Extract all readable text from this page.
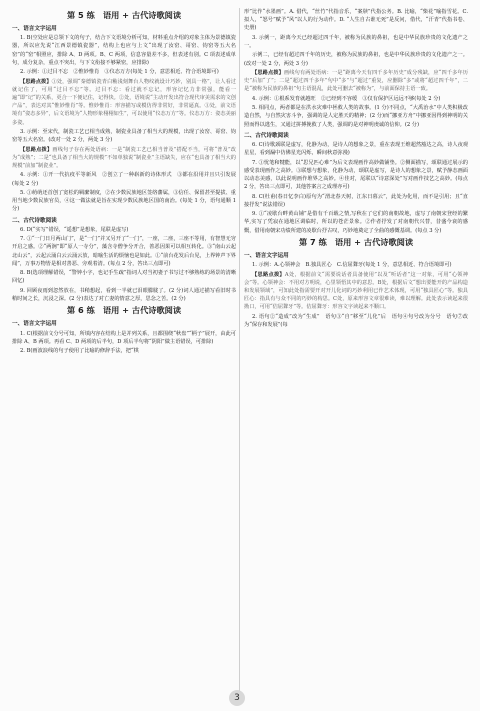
第 5 练　语用 + 古代诗歌阅读
一、语言文字运用

1. B(空处应是总领下文的句子，结合下文语境分析可知，材料重点介绍的对象主体为景德镇瓷器，所以应先说“江西景德镇瓷器”，结构上也应与上文“出现了汝窑、哥窑、钧窑等五大名窑”的“窑”相照应，排除 A、D 两项。B、C 两项，信息容量差不多，但表述有别。C 项表述成单句，成分复杂，重点不突出，与下文衔接不够紧密，应排除)

2. 示例：①过目不忘　②惟妙惟肖　③仪态万方(每处 1 分，意思相近、符合语境即可)

【思路点拨】①处，强调“秦德镇瓷青白釉浅刻舞台人物纹就设计巧妙，别具一格”，让人看过就记住了，可用“过目不忘”等。过目不忘：看过就不忘记，形容记忆力非常强，能看一遍“即”记“的关系，更合一下便记住，记得快。②处，语境说“主动开发出符合现代审美需求的文创产品”，表达对其“惟妙惟肖”等。惟妙惟肖：形容描写或模仿得非常好，非常逼真。③处，前文语境有“姿态多异”，后文语境为“人物形象栩栩如生”，可以使用“仪态万方”等。仪态万方：姿态美丽多姿。

3. 示例：至宋代，制瓷工艺已相当成熟，制瓷业具备了相当大的规模，出现了汝窑、哥窑、钧窑等五大名窑。(改对一处 2 分，两处 3 分)

【思路点拨】画线句子存在两处语病：一是“制瓷工艺已相当普及”搭配不当，可将“普及”改为“成熟”；二是“也具备了相当大的规模”不如单独说“制瓷业”主语缺失，应在“也具备了相当大的规模”前加“制瓷业”。

4. 示例：①开一代抗疫平等新风　②创立了一种崭新的诗体形式　③都在沿用并且只引发展(每处 2 分)

5. ①萌萌还首创了宽松的羁縻制度，②在少数民族地区签络藩属，③信任、保留甚至提拔、重用当地少数民族官员，④这一做法就是旨在实现少数民族地区国的南治。(每处 1 分，语句通顺 1 分)

二、古代诗歌阅读

6. D(“实写”错误，“遥想”是想象，尾联是虚写)

7. ①“一门日月两山门”，是“一门”并又另开了“一门”，一座，二座，三座不等用，有智慧无穷开启之感。②“两涧”即“原人一寺分”，藻含寺僧争分开合，善恶因果可以相互转化。③“南山云起北山云”，云起云涌白云云涌云放，暗喻生活的烦恼也是如此。①“前台花发后台见，上界钟声下界闻”，万事万物皆是相对善恶、旁观着清。(每点 2 分，答出三点即可)

8. B(选项理解错误，“警钟小字，也记手生疏”指词人对当初妻子书写过不够熟练的场景的清晰回忆)

9. 回顾夜雨到忽然放在，书稍想起，看到一半就已泪眼朦胧了。(2 分)词人通过描写看旧时书稍时间之长，沉浸之深。(2 分)表达了对亡妻的情意之厚，思念之苦。(2 分)

第 6 练　语用 + 古代诗歌阅读
一、语言文字运用

1. C(根据前文分号可知，所填内容在结构上是并列关系，且都围绕“秋盘”“柄子”展开，由此可排除 A、B 两项。再看 C、D 两项的后半句，D 项后半句将“阴阳”做主语错误，可排除)

2. B(画波浪线的句子使用了比喻的修辞手法，把“棋

形”比作“水墨画”。A. 借代，“丝竹”代指音乐，“案牍”代指公务。B. 比喻，“柴花”喻指雪花。C. 拟人，“怒号”赋予“风”以人的行为动作。D. “人生自古谁无死”是反问，借代，“汗青”代指书卷、史册)

3. 示例一，距离今天已经超过四千年，被称为民族的鼻祖，也是中华民族珍贵的文化遗产之一。

示例二，已经有超过四千年的历史，被称为民族的鼻祖，也是中华民族珍贵的文化遗产之一。(改对一处 2 分，两处 3 分)

【思路点拨】画线句有两处语病：一是“距离今天有四千多年历史”成分残缺，应“四千多年历史”后加“了”；二是“超过四千多年”句中“多”与“超过”重复，应删除“多”或将“超过四千年”，二是“被称为民族的鼻祖”句主语混乱，此处可删去“被称为”，与前面保持主语一致。

4. 示例：①根系发育就越旺　②已经到不容缓　③仅有保护区远远不够(每处 2 分)

5. 相同点，两者都是在洪水灾难中拯救人类的故事。(1 分)不同点，“大禹治水”中人类积极改造自然，与自然灾害斗争，强调的是人定胜天的精神；(2 分)而“挪亚方舟”中挪亚因得到神明的关照而得以逃生，又通过拼搏挽救了人类，强调的是对神明虔诚的信仰。(2 分)

二、古代诗歌阅读

6. C(诗歌颈联是虚写，化静为动，是诗人的想象之景，重在表现王维超然豁达之高，诗人夜观星星，看到漏中仿佛星光闪烁，瞬间秋意弥漫)

7. ①忧笔和犍能，以“思兄匹心难”为后文表现画作高妙做铺垫。②侧面描写，颂联通过展示的感受表现画作之高妙。③联想与想象，化静为动，颂联是虚写，是诗人的想象之景，赋予静态画面以动态美感，以此说明画作堆界之高妙。④佳对，尾联以“诗意深处”写对画作技艺之高妙。(每点 2 分，答出三点即可，其他答案言之成理亦可)

8. C(杜甫(春日忆李白)原句为“渭北春天树，江东日暮云”，此处为化用，而不是引用；且“直接抒发”说法错误)

9. ①“凌歇台畔黄山铺”是借有千百载之情,写秋在了它们的南朝故地，虚写了南朝宋登经的繁华,实写了凭寂在通地区调临时，所以的苍茫景象。②作者抒发了对南朝代兴替，昔盛今衰的感慨，借用南朝宋功绩所建的凌歇台抒古叹，巧妙地奠定了全曲的感慨基调。(每点 3 分)

第 7 练　语用 + 古代诗歌阅读
一、语言文字运用

1. 示例：A.心领神会　B.独具匠心　C.信屈聱牙(每处 1 分，意思相近、符合语境即可)

【思路点拨】A处，根据前文“需要说话者具备使用”以及“听话者”这一对象，可用“心领神会”等。心领神会：不用对方明说，心里领悟其中的意思。B处，根据后文“想出要能开的产品构造和发展领域”，可知此处指需要开对开儿化词的巧妙利用已作艺术体现，可用“独具匠心”等。独具匠心：指具有与众不同的巧妙的构思。C处，原来形容文章很难读，难以理解。此处表示读起来很拗口，可用“佶屈聱牙”等。佶屈聱牙：形容文字读起来不顺口。

2. 语句②“造成”改为“生成”　语句③“自”移至“儿化”后　语句④句号改为分号　语句⑦改为“保存和发展”(每

3
